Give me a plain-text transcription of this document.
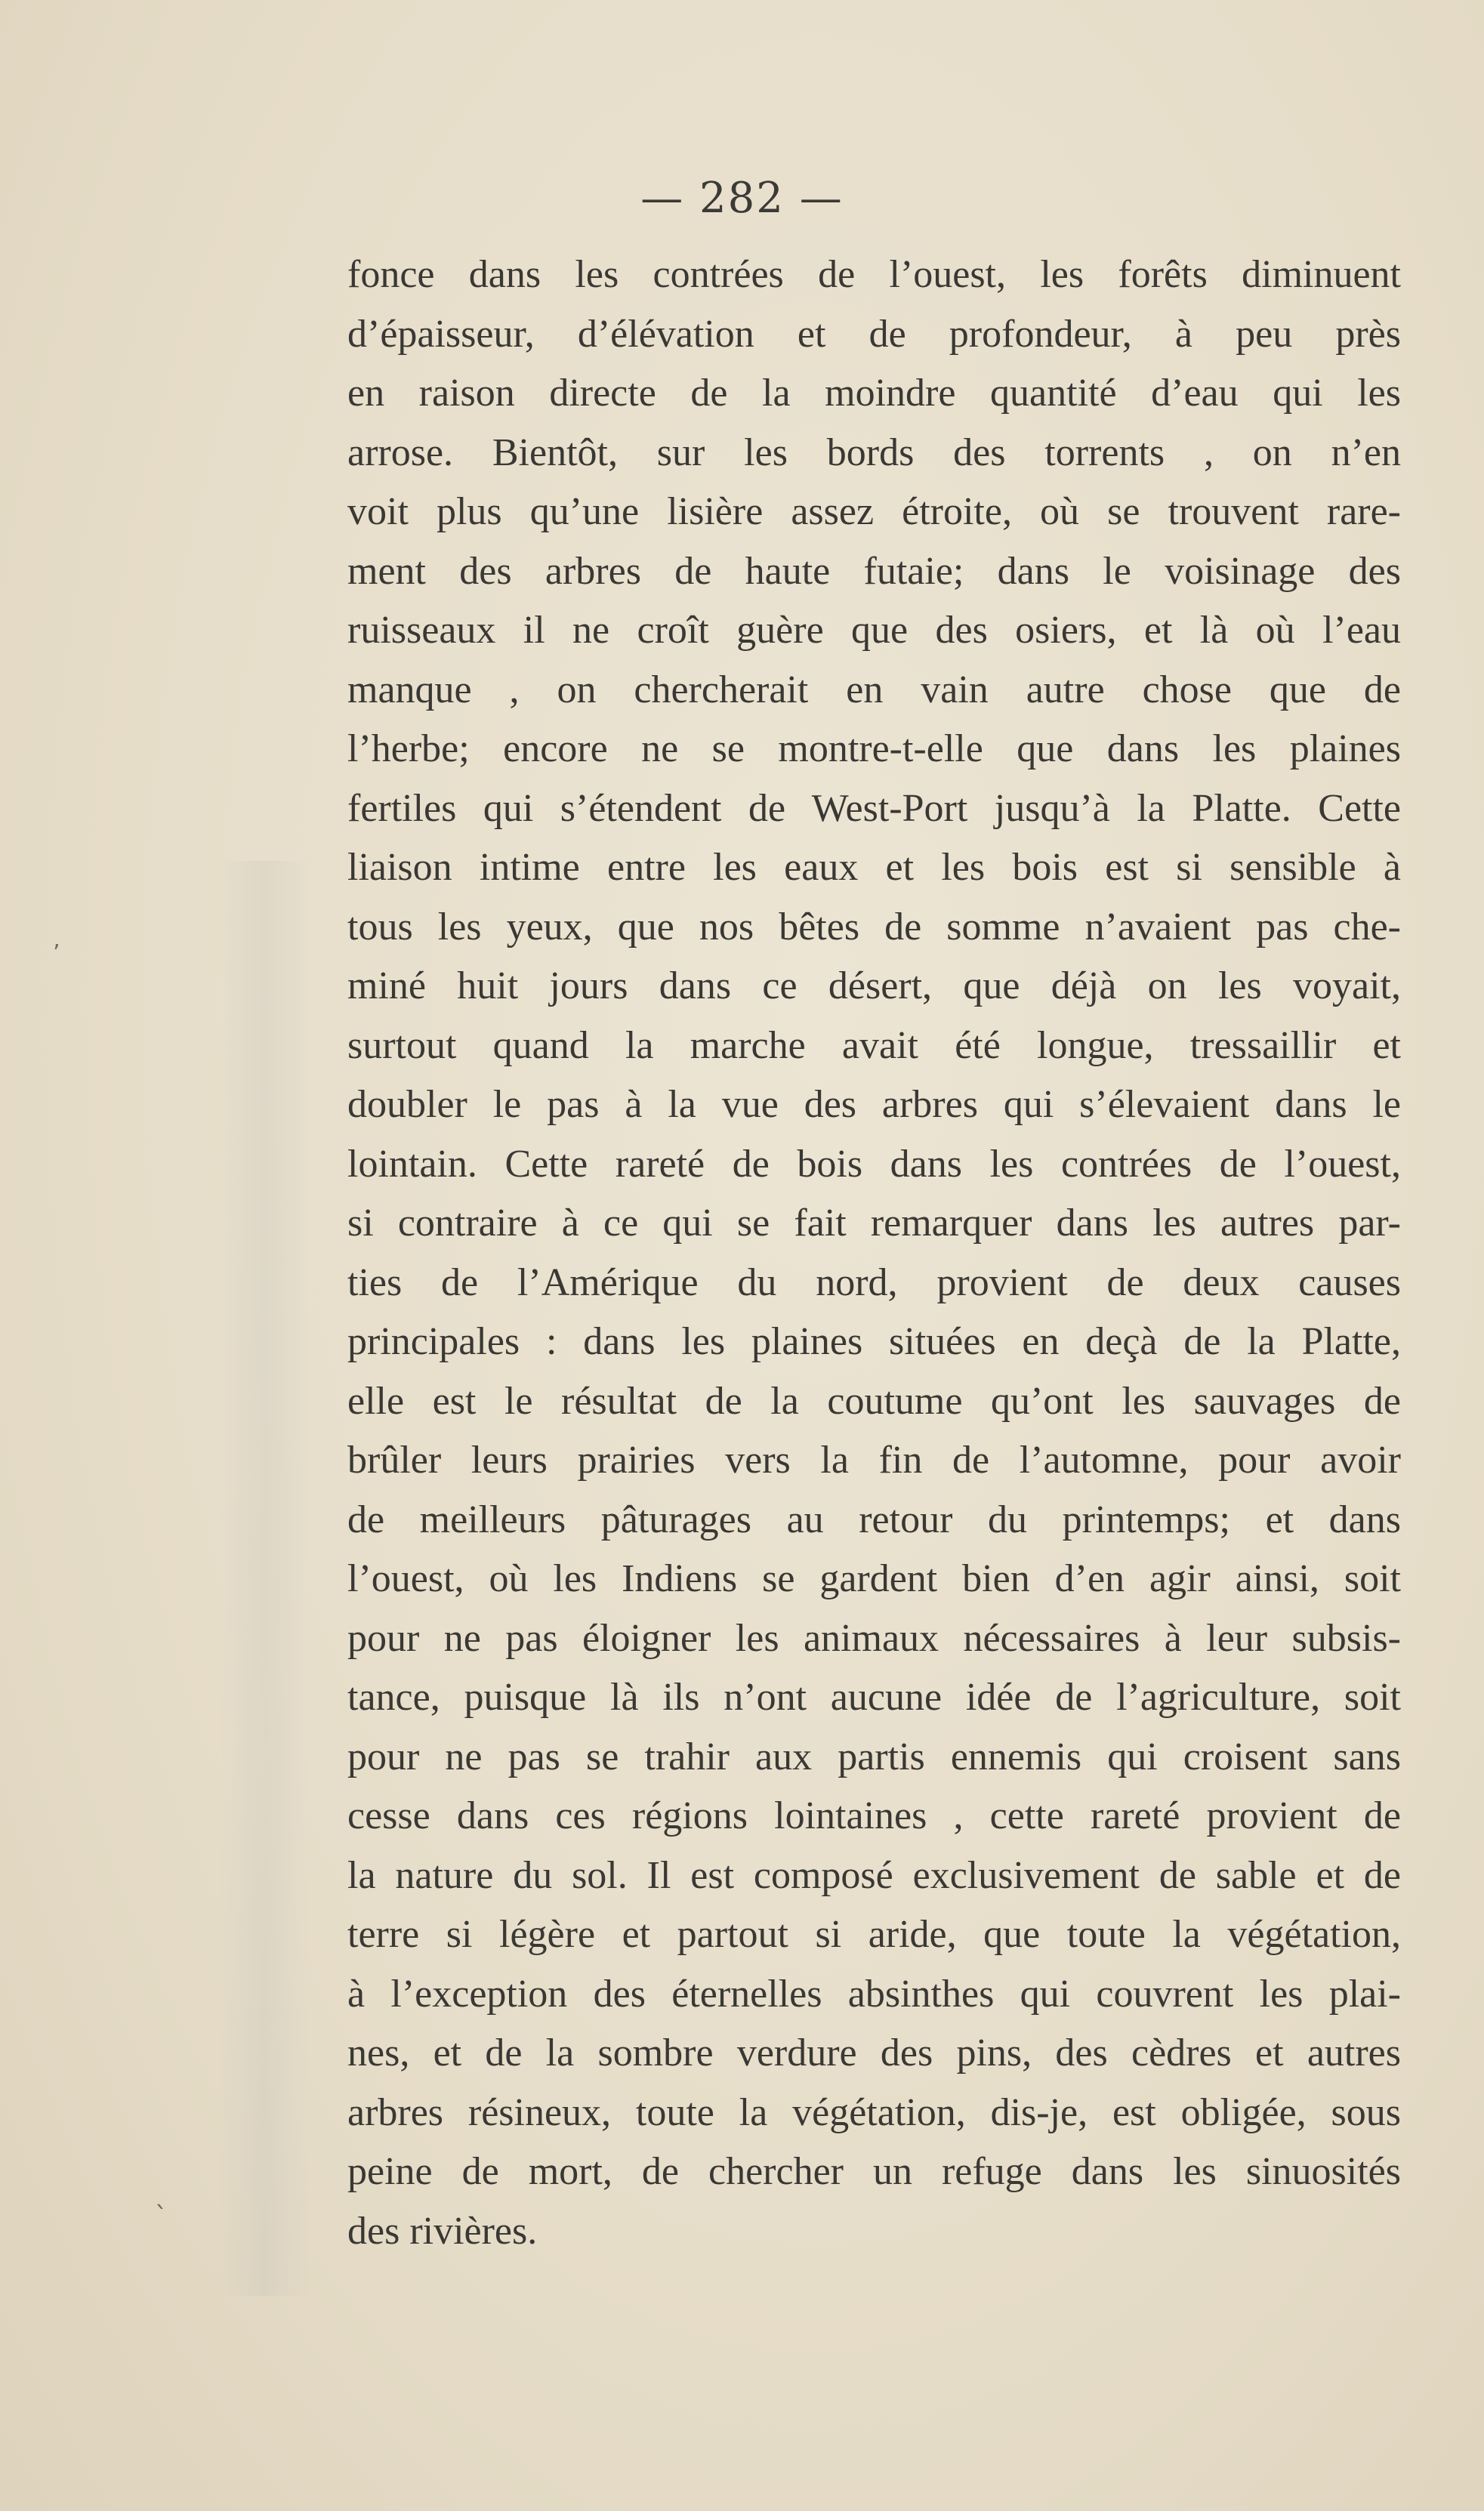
— 282 —
fonce dans les contrées de l’ouest, les forêts diminuent
d’épaisseur, d’élévation et de profondeur, à peu près
en raison directe de la moindre quantité d’eau qui les
arrose. Bientôt, sur les bords des torrents , on n’en
voit plus qu’une lisière assez étroite, où se trouvent rare-
ment des arbres de haute futaie; dans le voisinage des
ruisseaux il ne croît guère que des osiers, et là où l’eau
manque , on chercherait en vain autre chose que de
l’herbe; encore ne se montre-t-elle que dans les plaines
fertiles qui s’étendent de West-Port jusqu’à la Platte. Cette
liaison intime entre les eaux et les bois est si sensible à
tous les yeux, que nos bêtes de somme n’avaient pas che-
miné huit jours dans ce désert, que déjà on les voyait,
surtout quand la marche avait été longue, tressaillir et
doubler le pas à la vue des arbres qui s’élevaient dans le
lointain. Cette rareté de bois dans les contrées de l’ouest,
si contraire à ce qui se fait remarquer dans les autres par-
ties de l’Amérique du nord, provient de deux causes
principales : dans les plaines situées en deçà de la Platte,
elle est le résultat de la coutume qu’ont les sauvages de
brûler leurs prairies vers la fin de l’automne, pour avoir
de meilleurs pâturages au retour du printemps; et dans
l’ouest, où les Indiens se gardent bien d’en agir ainsi, soit
pour ne pas éloigner les animaux nécessaires à leur subsis-
tance, puisque là ils n’ont aucune idée de l’agriculture, soit
pour ne pas se trahir aux partis ennemis qui croisent sans
cesse dans ces régions lointaines , cette rareté provient de
la nature du sol. Il est composé exclusivement de sable et de
terre si légère et partout si aride, que toute la végétation,
à l’exception des éternelles absinthes qui couvrent les plai-
nes, et de la sombre verdure des pins, des cèdres et autres
arbres résineux, toute la végétation, dis-je, est obligée, sous
peine de mort, de chercher un refuge dans les sinuosités
des rivières.
ʼ
ˋ
